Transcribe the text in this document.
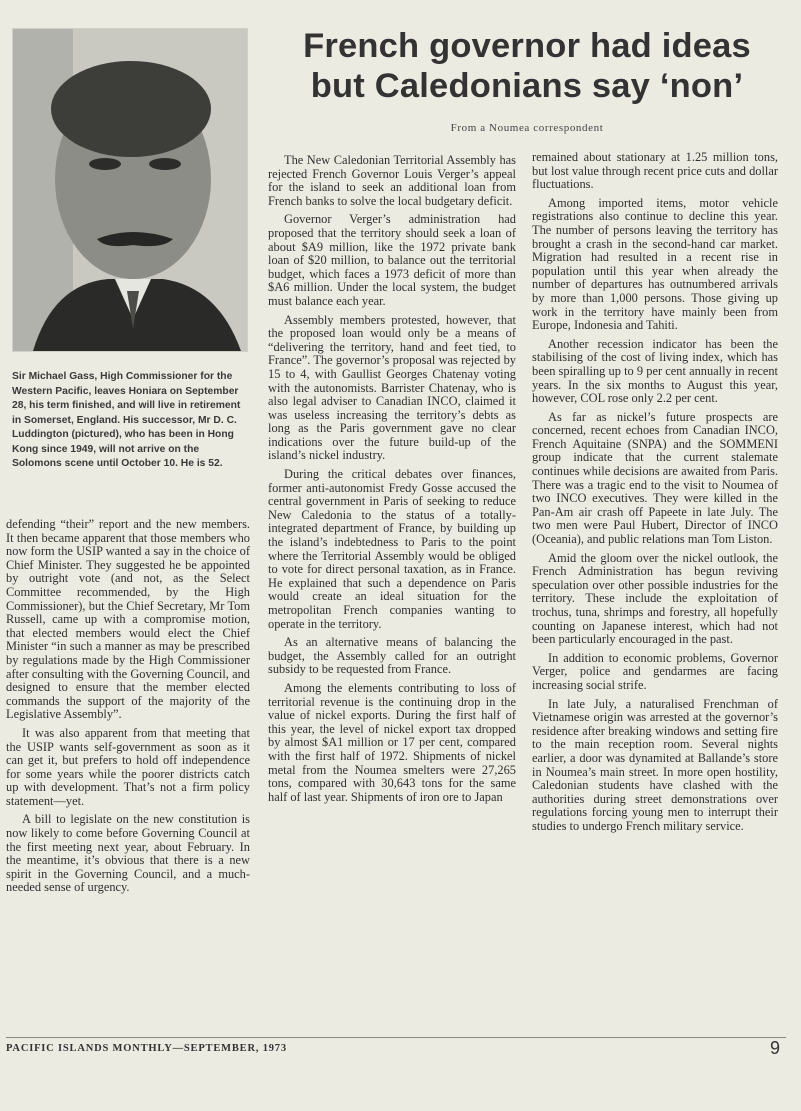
Sir Michael Gass, High Commissioner for the Western Pacific, leaves Honiara on September 28, his term finished, and will live in retirement in Somerset, England. His successor, Mr D. C. Luddington (pictured), who has been in Hong Kong since 1949, will not arrive on the Solomons scene until October 10. He is 52.
French governor had ideas
but Caledonians say ‘non’
From a Noumea correspondent

defending “their” report and the new members. It then became apparent that those members who now form the USIP wanted a say in the choice of Chief Minister. They suggested he be appointed by outright vote (and not, as the Select Committee recommended, by the High Commissioner), but the Chief Secretary, Mr Tom Russell, came up with a compromise motion, that elected members would elect the Chief Minister “in such a manner as may be prescribed by regulations made by the High Commissioner after consulting with the Governing Council, and designed to ensure that the member elected commands the support of the majority of the Legislative Assembly”.

It was also apparent from that meeting that the USIP wants self-government as soon as it can get it, but prefers to hold off independence for some years while the poorer districts catch up with development. That’s not a firm policy statement—yet.

A bill to legislate on the new constitution is now likely to come before Governing Council at the first meeting next year, about February. In the meantime, it’s obvious that there is a new spirit in the Governing Council, and a much-needed sense of urgency.

The New Caledonian Territorial Assembly has rejected French Governor Louis Verger’s appeal for the island to seek an additional loan from French banks to solve the local budgetary deficit.

Governor Verger’s administration had proposed that the territory should seek a loan of about $A9 million, like the 1972 private bank loan of $20 million, to balance out the territorial budget, which faces a 1973 deficit of more than $A6 million. Under the local system, the budget must balance each year.

Assembly members protested, however, that the proposed loan would only be a means of “delivering the territory, hand and feet tied, to France”. The governor’s proposal was rejected by 15 to 4, with Gaullist Georges Chatenay voting with the autonomists. Barrister Chatenay, who is also legal adviser to Canadian INCO, claimed it was useless increasing the territory’s debts as long as the Paris government gave no clear indications over the future build-up of the island’s nickel industry.

During the critical debates over finances, former anti-autonomist Fredy Gosse accused the central government in Paris of seeking to reduce New Caledonia to the status of a totally-integrated department of France, by building up the island’s indebtedness to Paris to the point where the Territorial Assembly would be obliged to vote for direct personal taxation, as in France. He explained that such a dependence on Paris would create an ideal situation for the metropolitan French companies wanting to operate in the territory.

As an alternative means of balancing the budget, the Assembly called for an outright subsidy to be requested from France.

Among the elements contributing to loss of territorial revenue is the continuing drop in the value of nickel exports. During the first half of this year, the level of nickel export tax dropped by almost $A1 million or 17 per cent, compared with the first half of 1972. Shipments of nickel metal from the Noumea smelters were 27,265 tons, compared with 30,643 tons for the same half of last year. Shipments of iron ore to Japan

remained about stationary at 1.25 million tons, but lost value through recent price cuts and dollar fluctuations.

Among imported items, motor vehicle registrations also continue to decline this year. The number of persons leaving the territory has brought a crash in the second-hand car market. Migration had resulted in a recent rise in population until this year when already the number of departures has outnumbered arrivals by more than 1,000 persons. Those giving up work in the territory have mainly been from Europe, Indonesia and Tahiti.

Another recession indicator has been the stabilising of the cost of living index, which has been spiralling up to 9 per cent annually in recent years. In the six months to August this year, however, COL rose only 2.2 per cent.

As far as nickel’s future prospects are concerned, recent echoes from Canadian INCO, French Aquitaine (SNPA) and the SOMMENI group indicate that the current stalemate continues while decisions are awaited from Paris. There was a tragic end to the visit to Noumea of two INCO executives. They were killed in the Pan-Am air crash off Papeete in late July. The two men were Paul Hubert, Director of INCO (Oceania), and public relations man Tom Liston.

Amid the gloom over the nickel outlook, the French Administration has begun reviving speculation over other possible industries for the territory. These include the exploitation of trochus, tuna, shrimps and forestry, all hopefully counting on Japanese interest, which had not been particularly encouraged in the past.

In addition to economic problems, Governor Verger, police and gendarmes are facing increasing social strife.

In late July, a naturalised Frenchman of Vietnamese origin was arrested at the governor’s residence after breaking windows and setting fire to the main reception room. Several nights earlier, a door was dynamited at Ballande’s store in Noumea’s main street. In more open hostility, Caledonian students have clashed with the authorities during street demonstrations over regulations forcing young men to interrupt their studies to undergo French military service.

PACIFIC ISLANDS MONTHLY—SEPTEMBER, 1973	9
